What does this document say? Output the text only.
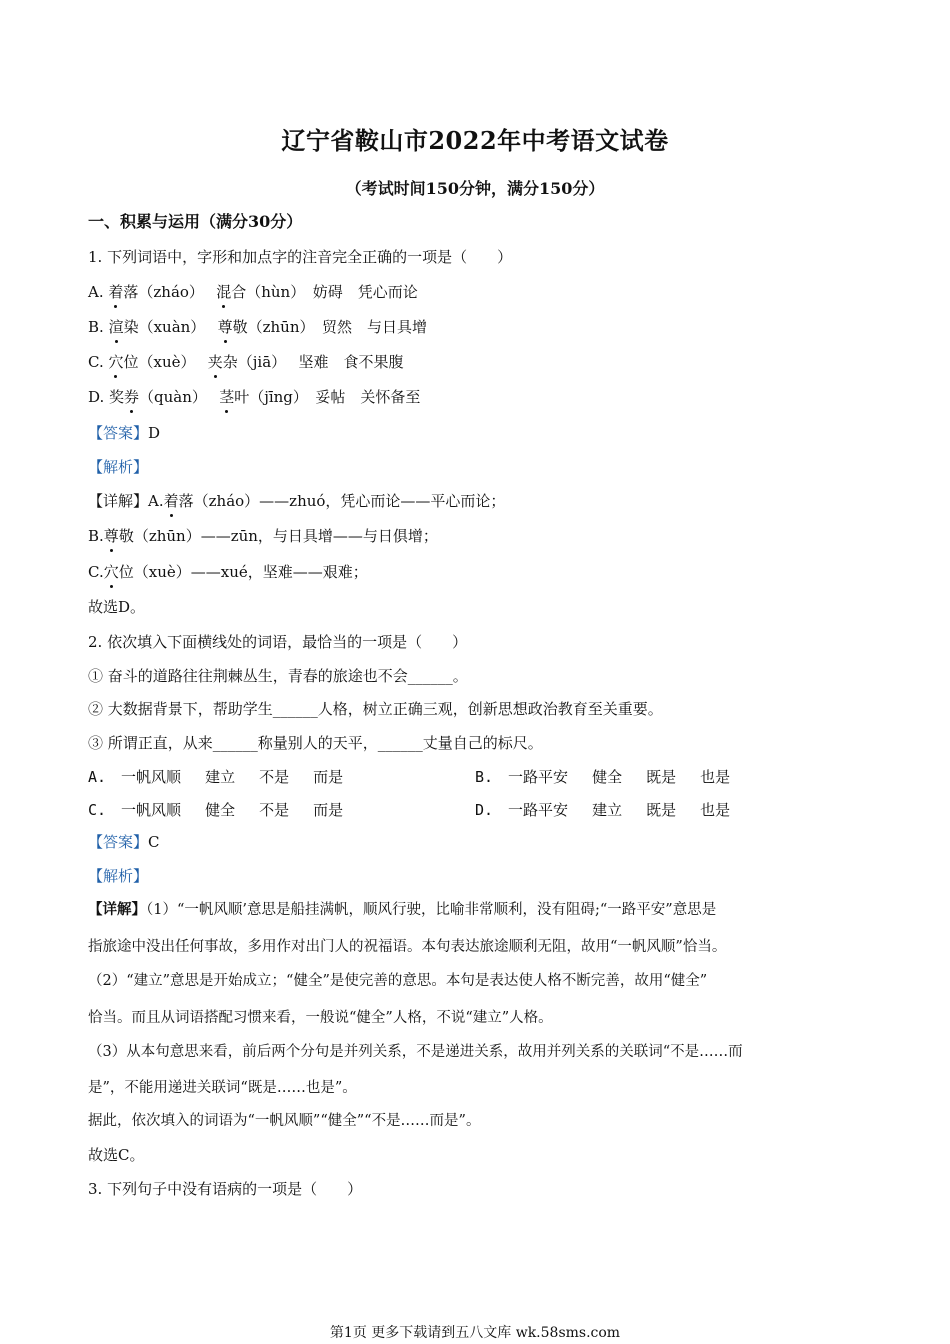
辽宁省鞍山市2022年中考语文试卷
（考试时间150分钟，满分150分）
一、积累与运用（满分30分）
1. 下列词语中，字形和加点字的注音完全正确的一项是（　　）
A. 着落（zháo）　 混合（hùn）　妨碍　凭心而论
B. 渲染（xuàn）　 尊敬（zhūn）　贸然　与日具增
C. 穴位（xuè）　 夹杂（jiā）　 坚难　食不果腹
D. 奖券（quàn）　 茎叶（jīng）　妥帖　关怀备至
【答案】D
【解析】
【详解】A.着落（zháo）——zhuó，凭心而论——平心而论；
B.尊敬（zhūn）——zūn，与日具增——与日俱增；
C.穴位（xuè）——xué，坚难——艰难；
故选D。
2. 依次填入下面横线处的词语，最恰当的一项是（　　）
① 奋斗的道路往往荆棘丛生，青春的旅途也不会______。
② 大数据背景下，帮助学生______人格，树立正确三观，创新思想政治教育至关重要。
③ 所谓正直，从来______称量别人的天平，______丈量自己的标尺。
A.　一帆风顺　 建立　 不是　 而是	B.　一路平安　 健全　 既是　 也是
C.　一帆风顺　 健全　 不是　 而是	D.　一路平安　 建立　 既是　 也是
【答案】C
【解析】
【详解】（1）“一帆风顺’意思是船挂满帆，顺风行驶，比喻非常顺利，没有阻碍;“一路平安”意思是
指旅途中没出任何事故，多用作对出门人的祝福语。本句表达旅途顺利无阻，故用“一帆风顺”恰当。
（2）“建立”意思是开始成立；“健全”是使完善的意思。本句是表达使人格不断完善，故用“健全”
恰当。而且从词语搭配习惯来看，一般说“健全”人格，不说“建立”人格。
（3）从本句意思来看，前后两个分句是并列关系，不是递进关系，故用并列关系的关联词“不是……而
是”，不能用递进关联词“既是……也是”。
据此，依次填入的词语为“一帆风顺”“健全”“不是……而是”。
故选C。
3. 下列句子中没有语病的一项是（　　）
第1页 更多下载请到五八文库 wk.58sms.com
